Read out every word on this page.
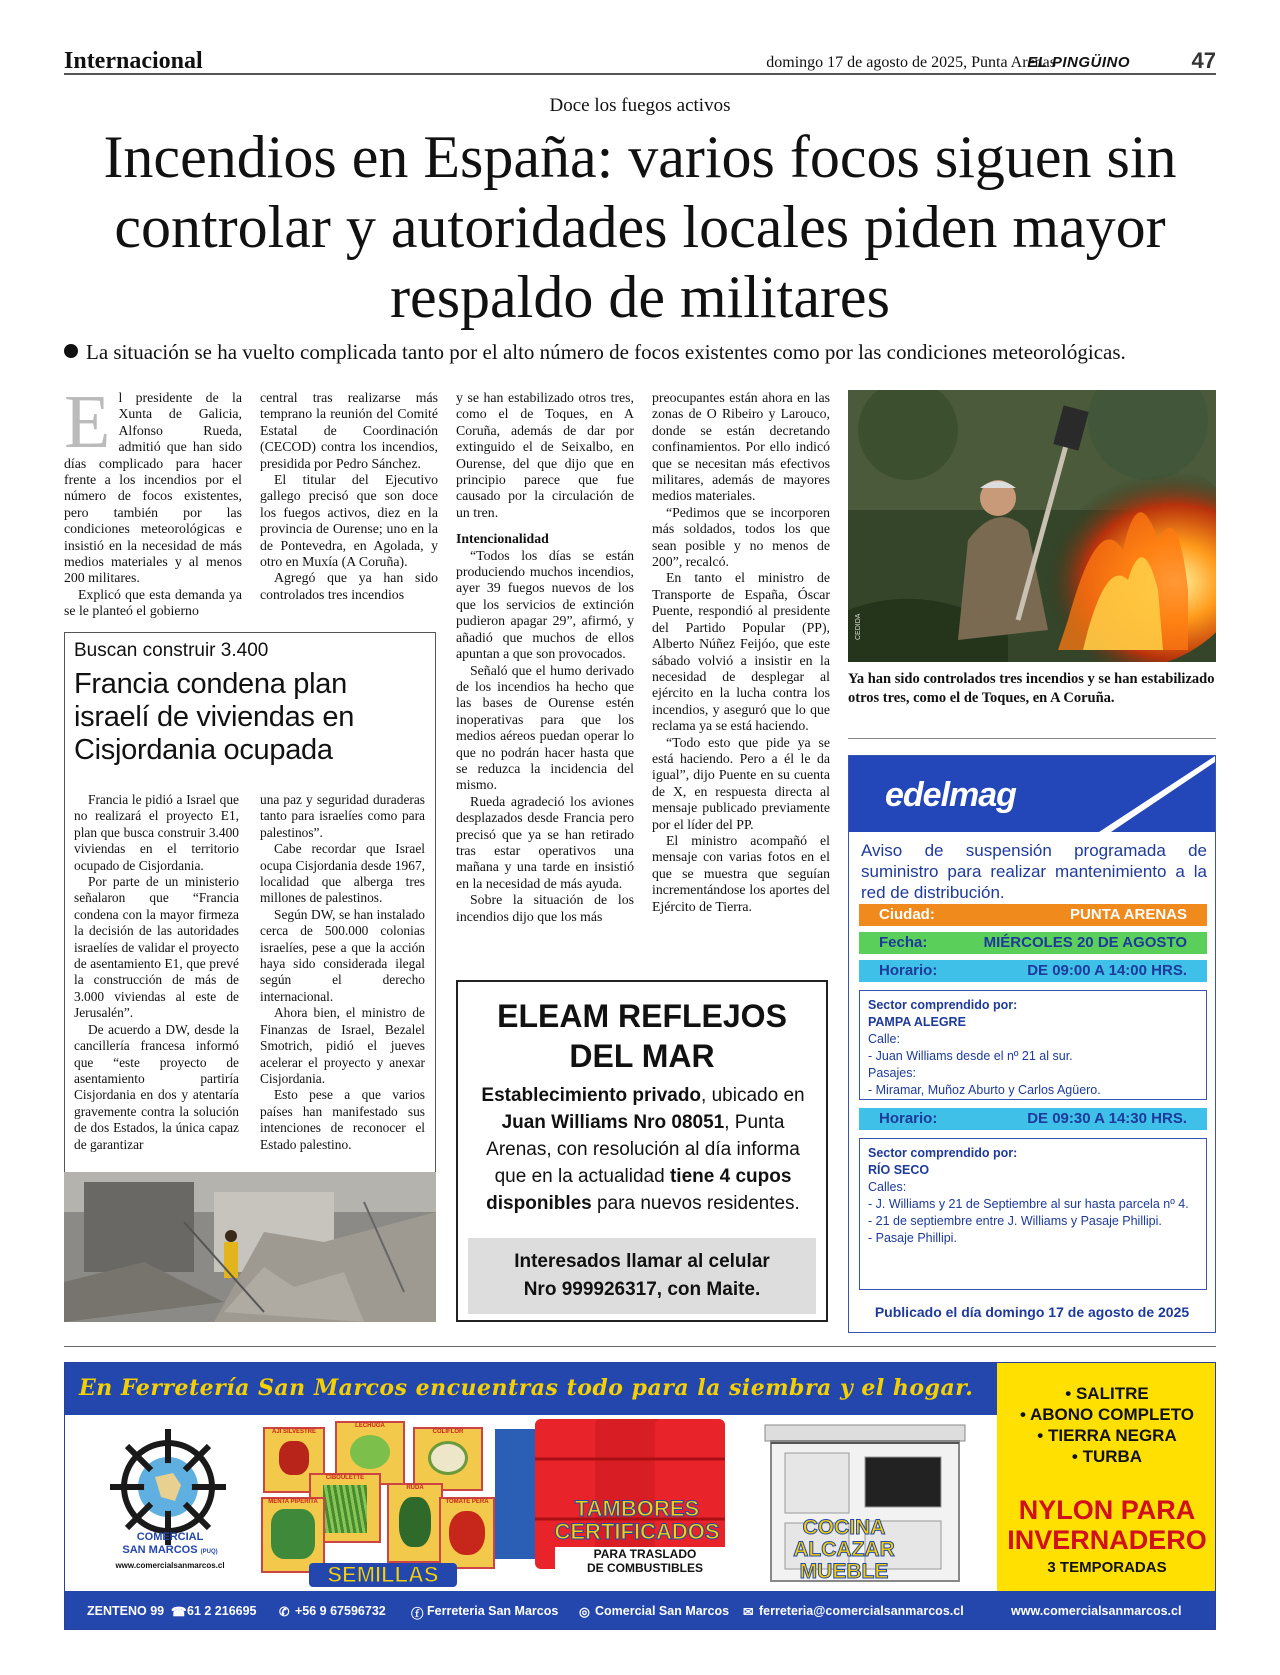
Internacional	domingo 17 de agosto de 2025, Punta Arenas
EL PINGÜINO	47
Doce los fuegos activos
Incendios en España: varios focos siguen sin controlar y autoridades locales piden mayor respaldo de militares
La situación se ha vuelto complicada tanto por el alto número de focos existentes como por las condiciones meteorológicas.
E l presidente de la Xunta de Galicia, Alfonso Rueda, admitió que han sido días complicado para hacer frente a los incendios por el número de focos existentes, pero también por las condiciones meteorológicas e insistió en la necesidad de más medios materiales y al menos 200 militares.

Explicó que esta demanda ya se le planteó el gobierno

central tras realizarse más temprano la reunión del Comité Estatal de Coordinación (CECOD) contra los incendios, presidida por Pedro Sánchez.

El titular del Ejecutivo gallego precisó que son doce los fuegos activos, diez en la provincia de Ourense; uno en la de Pontevedra, en Agolada, y otro en Muxía (A Coruña).

Agregó que ya han sido controlados tres incendios

y se han estabilizado otros tres, como el de Toques, en A Coruña, además de dar por extinguido el de Seixalbo, en Ourense, del que dijo que en principio parece que fue causado por la circulación de un tren.

Intencionalidad

“Todos los días se están produciendo muchos incendios, ayer 39 fuegos nuevos de los que los servicios de extinción pudieron apagar 29”, afirmó, y añadió que muchos de ellos apuntan a que son provocados.

Señaló que el humo derivado de los incendios ha hecho que las bases de Ourense estén inoperativas para que los medios aéreos puedan operar lo que no podrán hacer hasta que se reduzca la incidencia del mismo.

Rueda agradeció los aviones desplazados desde Francia pero precisó que ya se han retirado tras estar operativos una mañana y una tarde en insistió en la necesidad de más ayuda.

Sobre la situación de los incendios dijo que los más

preocupantes están ahora en las zonas de O Ribeiro y Larouco, donde se están decretando confinamientos. Por ello indicó que se necesitan más efectivos militares, además de mayores medios materiales.

“Pedimos que se incorporen más soldados, todos los que sean posible y no menos de 200”, recalcó.

En tanto el ministro de Transporte de España, Óscar Puente, respondió al presidente del Partido Popular (PP), Alberto Núñez Feijóo, que este sábado volvió a insistir en la necesidad de desplegar al ejército en la lucha contra los incendios, y aseguró que lo que reclama ya se está haciendo.

“Todo esto que pide ya se está haciendo. Pero a él le da igual”, dijo Puente en su cuenta de X, en respuesta directa al mensaje publicado previamente por el líder del PP.

El ministro acompañó el mensaje con varias fotos en el que se muestra que seguían incrementándose los aportes del Ejército de Tierra.

CEDIDA
Ya han sido controlados tres incendios y se han estabilizado otros tres, como el de Toques, en A Coruña.
Buscan construir 3.400
Francia condena plan israelí de viviendas en Cisjordania ocupada

Francia le pidió a Israel que no realizará el proyecto E1, plan que busca construir 3.400 viviendas en el territorio ocupado de Cisjordania.

Por parte de un ministerio señalaron que “Francia condena con la mayor firmeza la decisión de las autoridades israelíes de validar el proyecto de asentamiento E1, que prevé la construcción de más de 3.000 viviendas al este de Jerusalén”.

De acuerdo a DW, desde la cancillería francesa informó que “este proyecto de asentamiento partiría Cisjordania en dos y atentaría gravemente contra la solución de dos Estados, la única capaz de garantizar

una paz y seguridad duraderas tanto para israelíes como para palestinos”.

Cabe recordar que Israel ocupa Cisjordania desde 1967, localidad que alberga tres millones de palestinos.

Según DW, se han instalado cerca de 500.000 colonias israelíes, pese a que la acción haya sido considerada ilegal según el derecho internacional.

Ahora bien, el ministro de Finanzas de Israel, Bezalel Smotrich, pidió el jueves acelerar el proyecto y anexar Cisjordania.

Esto pese a que varios países han manifestado sus intenciones de reconocer el Estado palestino.

ELEAM REFLEJOS
DEL MAR
Establecimiento privado, ubicado en Juan Williams Nro 08051, Punta Arenas, con resolución al día informa que en la actualidad tiene 4 cupos disponibles para nuevos residentes.
Interesados llamar al celular
Nro 999926317, con Maite.
edelmag
Aviso de suspensión programada de suministro para realizar mantenimiento a la red de distribución.
Ciudad:	PUNTA ARENAS
Fecha:	MIÉRCOLES 20 DE AGOSTO
Horario:	DE 09:00 A 14:00 HRS.
Sector comprendido por:
PAMPA ALEGRE
Calle:
- Juan Williams desde el nº 21 al sur.
Pasajes:
- Miramar, Muñoz Aburto y Carlos Agüero.
Horario:	DE 09:30 A 14:30 HRS.
Sector comprendido por:
RÍO SECO
Calles:
- J. Williams y 21 de Septiembre al sur hasta parcela nº 4.
- 21 de septiembre entre J. Williams y Pasaje Phillipi.
- Pasaje Phillipi.
Publicado el día domingo 17 de agosto de 2025
En Ferretería San Marcos encuentras todo para la siembra y el hogar.
COMERCIAL
SAN MARCOS (PUQ)
www.comercialsanmarcos.cl
AJÍ SILVESTRE
LECHUGA
COLIFLOR
CIBOULETTE
MENTA PIPERITA
RUDA
TOMATE PERA
SEMILLAS
TAMBORES
CERTIFICADOS
PARA TRASLADO
DE COMBUSTIBLES
COCINA
ALCAZAR
MUEBLE
• SALITRE
• ABONO COMPLETO
• TIERRA NEGRA
• TURBA
NYLON PARA
INVERNADERO
3 TEMPORADAS
ZENTENO 99 ☎ 61 2 216695 ✆ +56 9 67596732 ⓕ Ferreteria San Marcos ◎ Comercial San Marcos ✉ ferreteria@comercialsanmarcos.cl	www.comercialsanmarcos.cl
